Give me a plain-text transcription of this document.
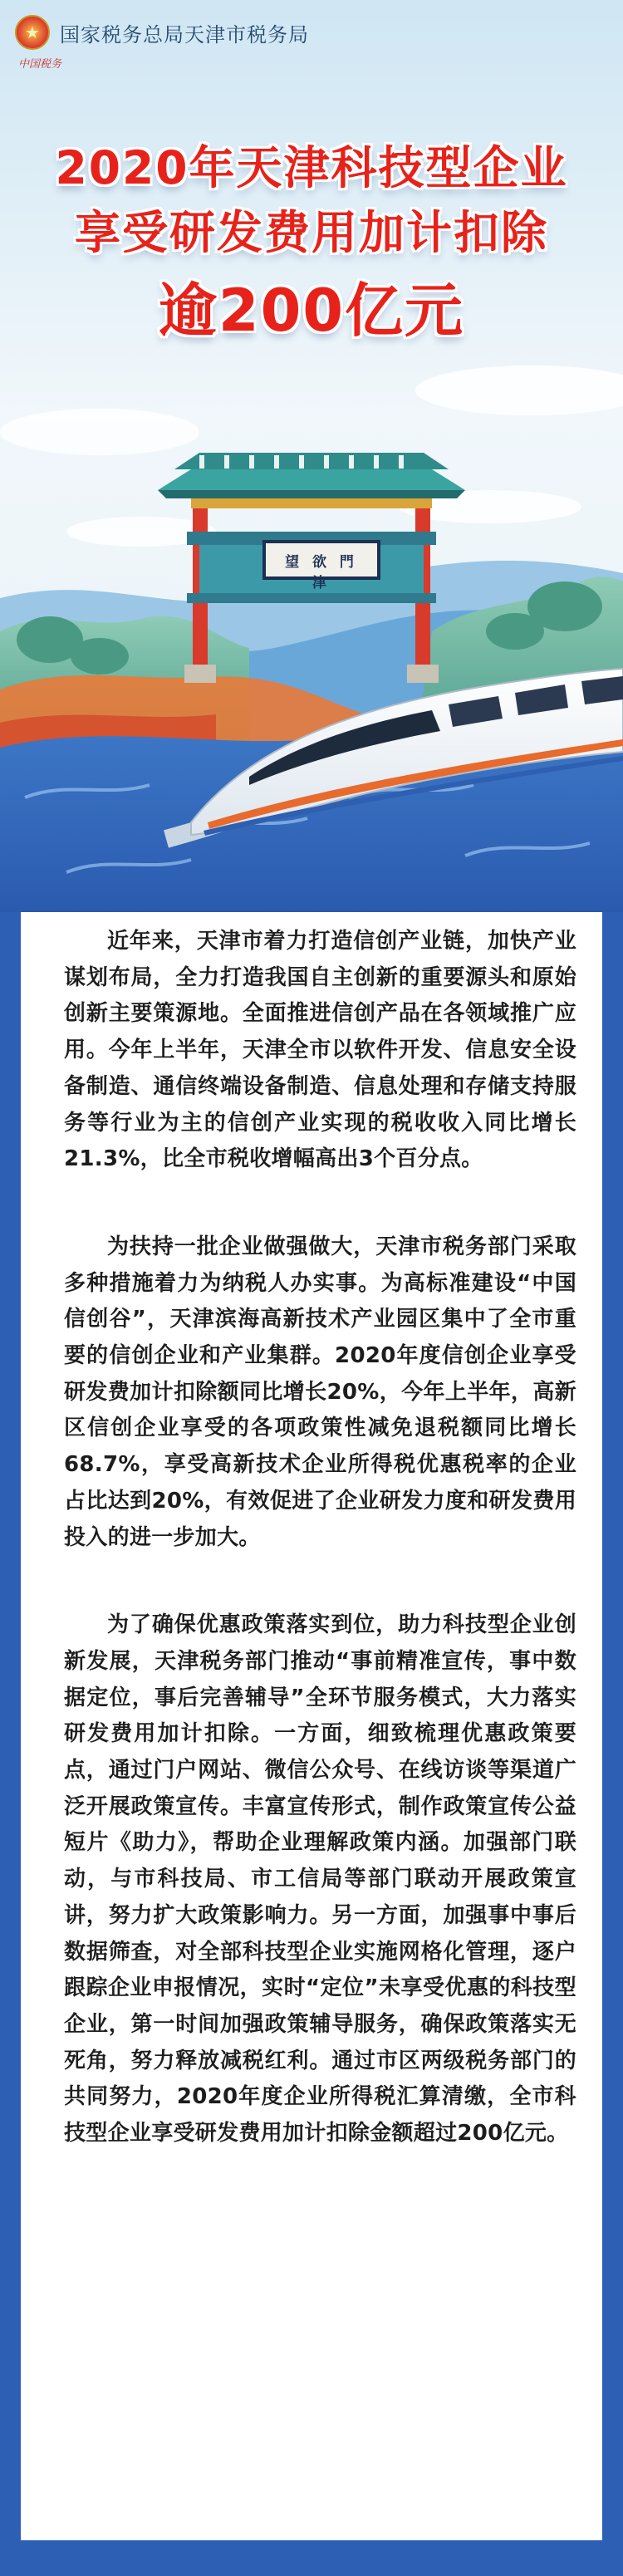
★	国家税务总局天津市税务局
中国税务
2020年天津科技型企业
享受研发费用加计扣除
逾200亿元
望 欲 門 津

近年来，天津市着力打造信创产业链，加快产业谋划布局，全力打造我国自主创新的重要源头和原始创新主要策源地。全面推进信创产品在各领域推广应用。今年上半年，天津全市以软件开发、信息安全设备制造、通信终端设备制造、信息处理和存储支持服务等行业为主的信创产业实现的税收收入同比增长21.3%，比全市税收增幅高出3个百分点。

为扶持一批企业做强做大，天津市税务部门采取多种措施着力为纳税人办实事。为高标准建设“中国信创谷”，天津滨海高新技术产业园区集中了全市重要的信创企业和产业集群。2020年度信创企业享受研发费加计扣除额同比增长20%，今年上半年，高新区信创企业享受的各项政策性减免退税额同比增长68.7%，享受高新技术企业所得税优惠税率的企业占比达到20%，有效促进了企业研发力度和研发费用投入的进一步加大。

为了确保优惠政策落实到位，助力科技型企业创新发展，天津税务部门推动“事前精准宣传，事中数据定位，事后完善辅导”全环节服务模式，大力落实研发费用加计扣除。一方面，细致梳理优惠政策要点，通过门户网站、微信公众号、在线访谈等渠道广泛开展政策宣传。丰富宣传形式，制作政策宣传公益短片《助力》，帮助企业理解政策内涵。加强部门联动，与市科技局、市工信局等部门联动开展政策宣讲，努力扩大政策影响力。另一方面，加强事中事后数据筛查，对全部科技型企业实施网格化管理，逐户跟踪企业申报情况，实时“定位”未享受优惠的科技型企业，第一时间加强政策辅导服务，确保政策落实无死角，努力释放减税红利。通过市区两级税务部门的共同努力，2020年度企业所得税汇算清缴，全市科技型企业享受研发费用加计扣除金额超过200亿元。
